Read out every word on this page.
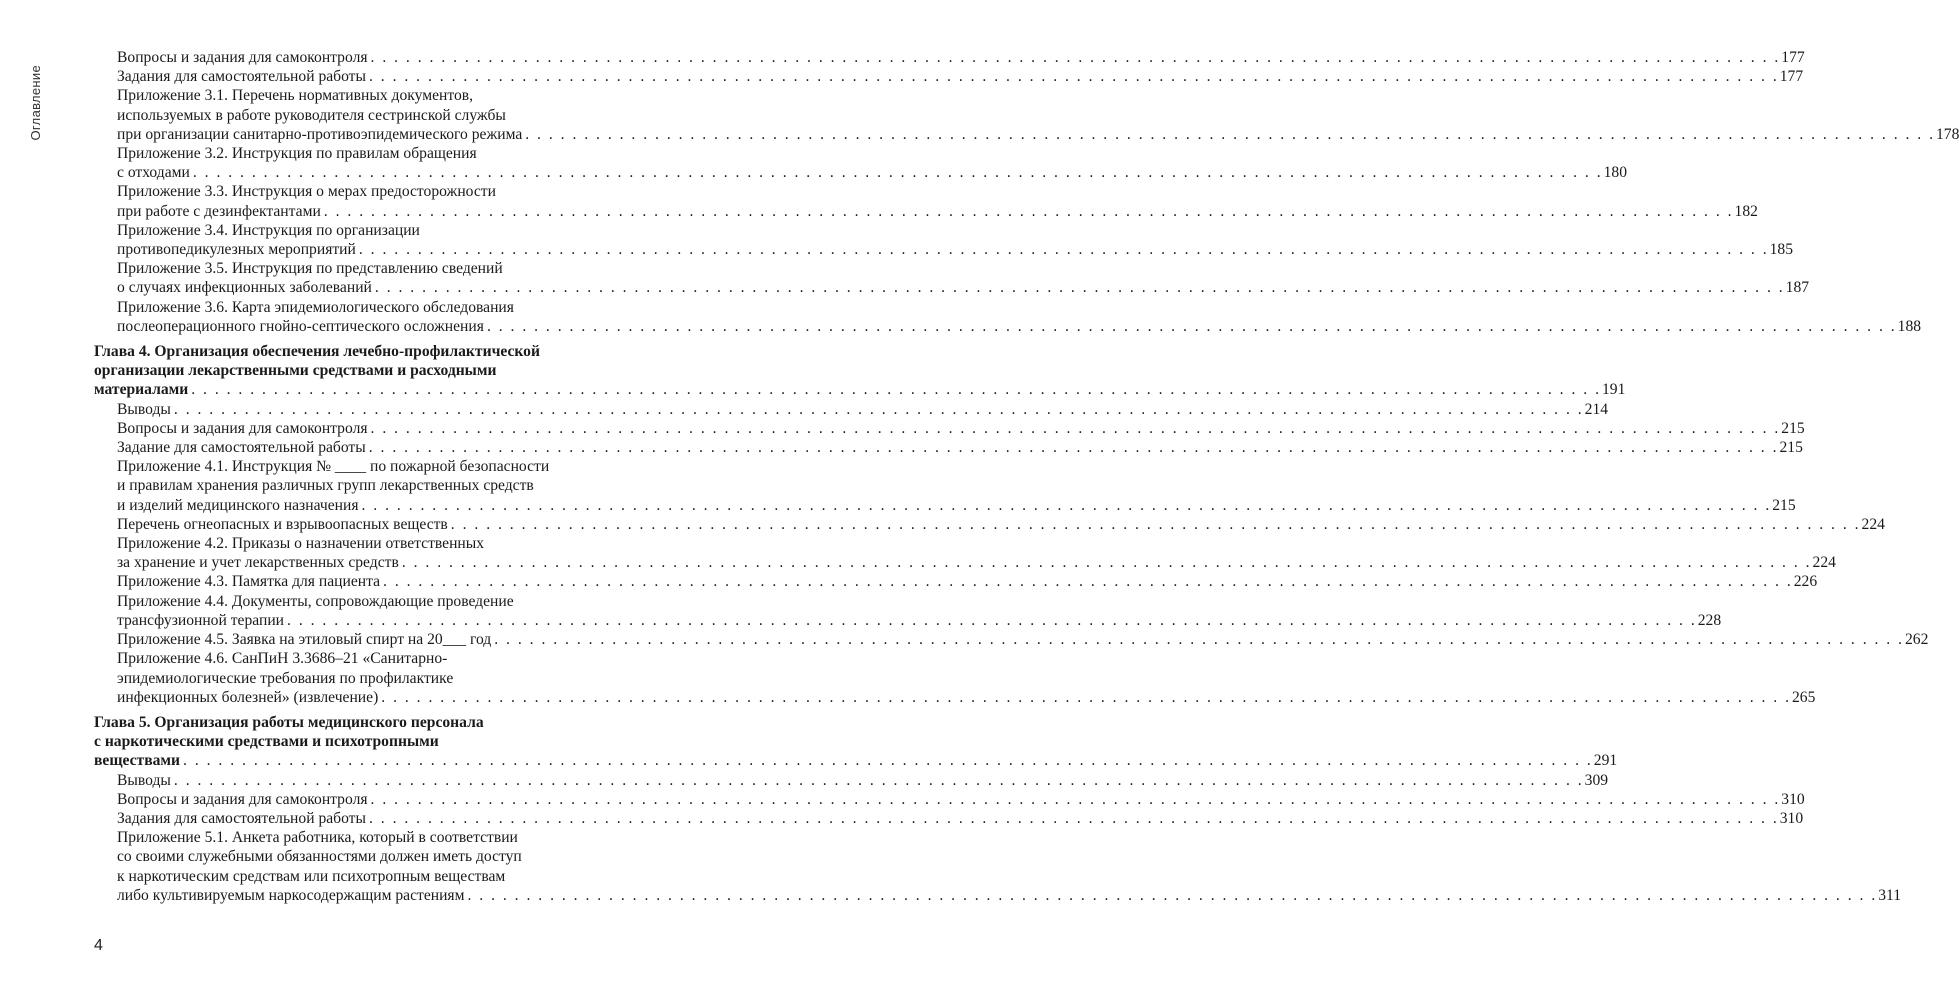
Оглавление
Вопросы и задания для самоконтроля . . . . . . . . . . . . . . . . . . . . . . . . . . . . . . . . . . . . . . . . . . . . . . . . . . . . . . . . . . . . . . . . . . . . . . . . . . . . . . . . . . . . . . . . . . . . . . . . . . . . . . . . . . . . . . . . . . . . . . . . 177
Задания для самостоятельной работы . . . . . . . . . . . . . . . . . . . . . . . . . . . . . . . . . . . . . . . . . . . . . . . . . . . . . . . . . . . . . . . . . . . . . . . . . . . . . . . . . . . . . . . . . . . . . . . . . . . . . . . . . . . . . . . . . . . . . . . . 177
Приложение 3.1. Перечень нормативных документов,
используемых в работе руководителя сестринской службы
при организации санитарно-противоэпидемического режима . . . . . . . . . . . . . . . . . . . . . . . . . . . . . . . . . . . . . . . . . . . . . . . . . . . . . . . . . . . . . . . . . . . . . . . . . . . . . . . . . . . . . . . . . . . . . . . . . . . . . . . . . . . . . . . . . . . . . . . . 178
Приложение 3.2. Инструкция по правилам обращения
с отходами . . . . . . . . . . . . . . . . . . . . . . . . . . . . . . . . . . . . . . . . . . . . . . . . . . . . . . . . . . . . . . . . . . . . . . . . . . . . . . . . . . . . . . . . . . . . . . . . . . . . . . . . . . . . . . . . . . . . . . . . 180
Приложение 3.3. Инструкция о мерах предосторожности
при работе с дезинфектантами . . . . . . . . . . . . . . . . . . . . . . . . . . . . . . . . . . . . . . . . . . . . . . . . . . . . . . . . . . . . . . . . . . . . . . . . . . . . . . . . . . . . . . . . . . . . . . . . . . . . . . . . . . . . . . . . . . . . . . . . 182
Приложение 3.4. Инструкция по организации
противопедикулезных мероприятий . . . . . . . . . . . . . . . . . . . . . . . . . . . . . . . . . . . . . . . . . . . . . . . . . . . . . . . . . . . . . . . . . . . . . . . . . . . . . . . . . . . . . . . . . . . . . . . . . . . . . . . . . . . . . . . . . . . . . . . . 185
Приложение 3.5. Инструкция по представлению сведений
о случаях инфекционных заболеваний . . . . . . . . . . . . . . . . . . . . . . . . . . . . . . . . . . . . . . . . . . . . . . . . . . . . . . . . . . . . . . . . . . . . . . . . . . . . . . . . . . . . . . . . . . . . . . . . . . . . . . . . . . . . . . . . . . . . . . . . 187
Приложение 3.6. Карта эпидемиологического обследования
послеоперационного гнойно-септического осложнения . . . . . . . . . . . . . . . . . . . . . . . . . . . . . . . . . . . . . . . . . . . . . . . . . . . . . . . . . . . . . . . . . . . . . . . . . . . . . . . . . . . . . . . . . . . . . . . . . . . . . . . . . . . . . . . . . . . . . . . . 188
Глава 4. Организация обеспечения лечебно-профилактической
организации лекарственными средствами и расходными
материалами . . . . . . . . . . . . . . . . . . . . . . . . . . . . . . . . . . . . . . . . . . . . . . . . . . . . . . . . . . . . . . . . . . . . . . . . . . . . . . . . . . . . . . . . . . . . . . . . . . . . . . . . . . . . . . . . . . . . . . . . 191
Выводы . . . . . . . . . . . . . . . . . . . . . . . . . . . . . . . . . . . . . . . . . . . . . . . . . . . . . . . . . . . . . . . . . . . . . . . . . . . . . . . . . . . . . . . . . . . . . . . . . . . . . . . . . . . . . . . . . . . . . . . . 214
Вопросы и задания для самоконтроля . . . . . . . . . . . . . . . . . . . . . . . . . . . . . . . . . . . . . . . . . . . . . . . . . . . . . . . . . . . . . . . . . . . . . . . . . . . . . . . . . . . . . . . . . . . . . . . . . . . . . . . . . . . . . . . . . . . . . . . . 215
Задание для самостоятельной работы . . . . . . . . . . . . . . . . . . . . . . . . . . . . . . . . . . . . . . . . . . . . . . . . . . . . . . . . . . . . . . . . . . . . . . . . . . . . . . . . . . . . . . . . . . . . . . . . . . . . . . . . . . . . . . . . . . . . . . . . 215
Приложение 4.1. Инструкция № ____ по пожарной безопасности
и правилам хранения различных групп лекарственных средств
и изделий медицинского назначения . . . . . . . . . . . . . . . . . . . . . . . . . . . . . . . . . . . . . . . . . . . . . . . . . . . . . . . . . . . . . . . . . . . . . . . . . . . . . . . . . . . . . . . . . . . . . . . . . . . . . . . . . . . . . . . . . . . . . . . . 215
Перечень огнеопасных и взрывоопасных веществ . . . . . . . . . . . . . . . . . . . . . . . . . . . . . . . . . . . . . . . . . . . . . . . . . . . . . . . . . . . . . . . . . . . . . . . . . . . . . . . . . . . . . . . . . . . . . . . . . . . . . . . . . . . . . . . . . . . . . . . . 224
Приложение 4.2. Приказы о назначении ответственных
за хранение и учет лекарственных средств . . . . . . . . . . . . . . . . . . . . . . . . . . . . . . . . . . . . . . . . . . . . . . . . . . . . . . . . . . . . . . . . . . . . . . . . . . . . . . . . . . . . . . . . . . . . . . . . . . . . . . . . . . . . . . . . . . . . . . . . 224
Приложение 4.3. Памятка для пациента . . . . . . . . . . . . . . . . . . . . . . . . . . . . . . . . . . . . . . . . . . . . . . . . . . . . . . . . . . . . . . . . . . . . . . . . . . . . . . . . . . . . . . . . . . . . . . . . . . . . . . . . . . . . . . . . . . . . . . . . 226
Приложение 4.4. Документы, сопровождающие проведение
трансфузионной терапии . . . . . . . . . . . . . . . . . . . . . . . . . . . . . . . . . . . . . . . . . . . . . . . . . . . . . . . . . . . . . . . . . . . . . . . . . . . . . . . . . . . . . . . . . . . . . . . . . . . . . . . . . . . . . . . . . . . . . . . . 228
Приложение 4.5. Заявка на этиловый спирт на 20___ год . . . . . . . . . . . . . . . . . . . . . . . . . . . . . . . . . . . . . . . . . . . . . . . . . . . . . . . . . . . . . . . . . . . . . . . . . . . . . . . . . . . . . . . . . . . . . . . . . . . . . . . . . . . . . . . . . . . . . . . . 262
Приложение 4.6. СанПиН 3.3686–21 «Санитарно-
эпидемиологические требования по профилактике
инфекционных болезней» (извлечение) . . . . . . . . . . . . . . . . . . . . . . . . . . . . . . . . . . . . . . . . . . . . . . . . . . . . . . . . . . . . . . . . . . . . . . . . . . . . . . . . . . . . . . . . . . . . . . . . . . . . . . . . . . . . . . . . . . . . . . . . 265
Глава 5. Организация работы медицинского персонала
с наркотическими средствами и психотропными
веществами . . . . . . . . . . . . . . . . . . . . . . . . . . . . . . . . . . . . . . . . . . . . . . . . . . . . . . . . . . . . . . . . . . . . . . . . . . . . . . . . . . . . . . . . . . . . . . . . . . . . . . . . . . . . . . . . . . . . . . . . 291
Выводы . . . . . . . . . . . . . . . . . . . . . . . . . . . . . . . . . . . . . . . . . . . . . . . . . . . . . . . . . . . . . . . . . . . . . . . . . . . . . . . . . . . . . . . . . . . . . . . . . . . . . . . . . . . . . . . . . . . . . . . . 309
Вопросы и задания для самоконтроля . . . . . . . . . . . . . . . . . . . . . . . . . . . . . . . . . . . . . . . . . . . . . . . . . . . . . . . . . . . . . . . . . . . . . . . . . . . . . . . . . . . . . . . . . . . . . . . . . . . . . . . . . . . . . . . . . . . . . . . . 310
Задания для самостоятельной работы . . . . . . . . . . . . . . . . . . . . . . . . . . . . . . . . . . . . . . . . . . . . . . . . . . . . . . . . . . . . . . . . . . . . . . . . . . . . . . . . . . . . . . . . . . . . . . . . . . . . . . . . . . . . . . . . . . . . . . . . 310
Приложение 5.1. Анкета работника, который в соответствии
со своими служебными обязанностями должен иметь доступ
к наркотическим средствам или психотропным веществам
либо культивируемым наркосодержащим растениям . . . . . . . . . . . . . . . . . . . . . . . . . . . . . . . . . . . . . . . . . . . . . . . . . . . . . . . . . . . . . . . . . . . . . . . . . . . . . . . . . . . . . . . . . . . . . . . . . . . . . . . . . . . . . . . . . . . . . . . . 311
4
